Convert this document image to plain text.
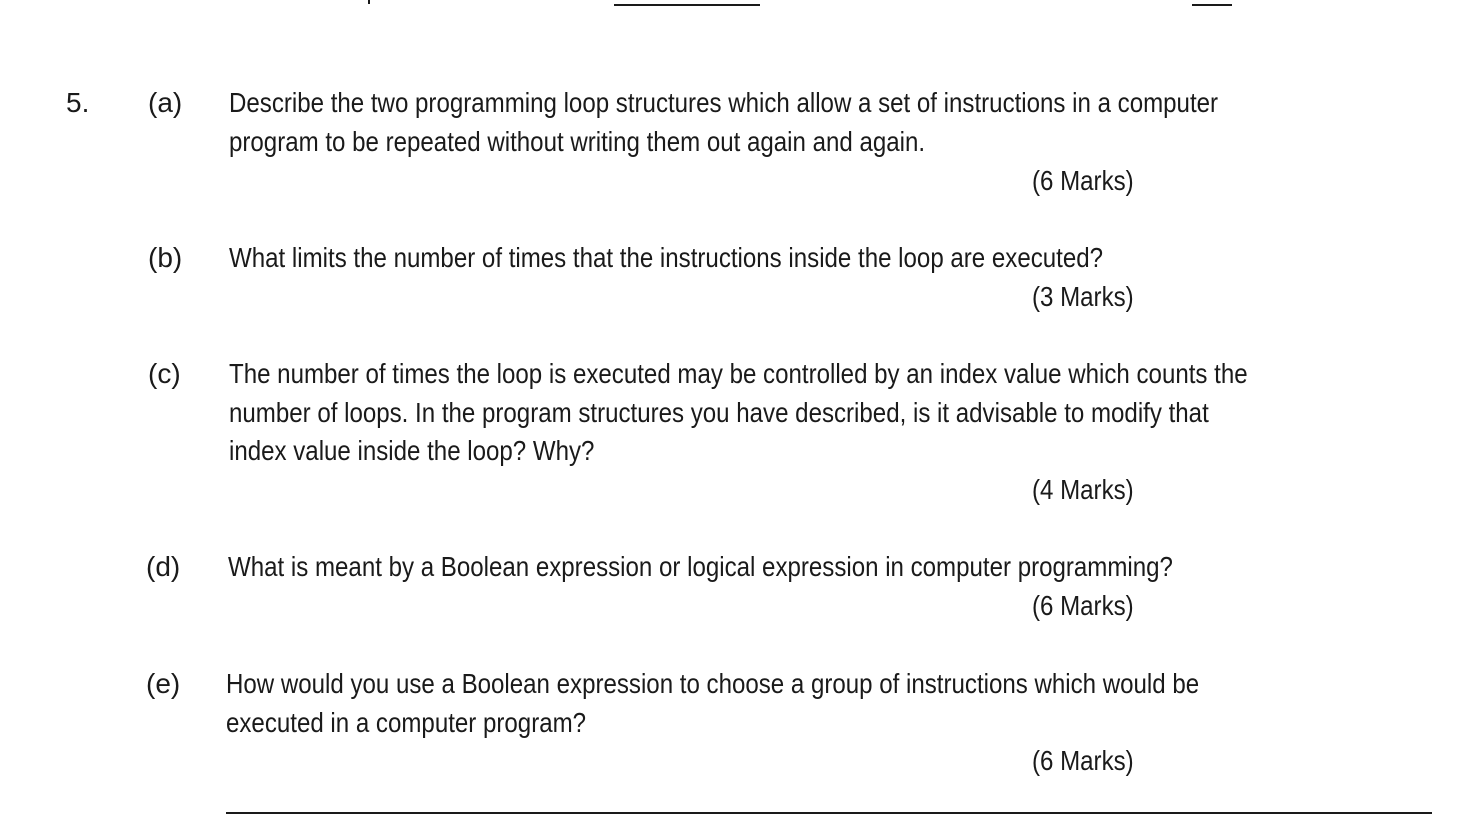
5. (a) Describe the two programming loop structures which allow a set of instructions in a computer
program to be repeated without writing them out again and again.
(6 Marks)
(b) What limits the number of times that the instructions inside the loop are executed?
(3 Marks)
(c) The number of times the loop is executed may be controlled by an index value which counts the
number of loops. In the program structures you have described, is it advisable to modify that
index value inside the loop? Why?
(4 Marks)
(d) What is meant by a Boolean expression or logical expression in computer programming?
(6 Marks)
(e) How would you use a Boolean expression to choose a group of instructions which would be
executed in a computer program?
(6 Marks)
